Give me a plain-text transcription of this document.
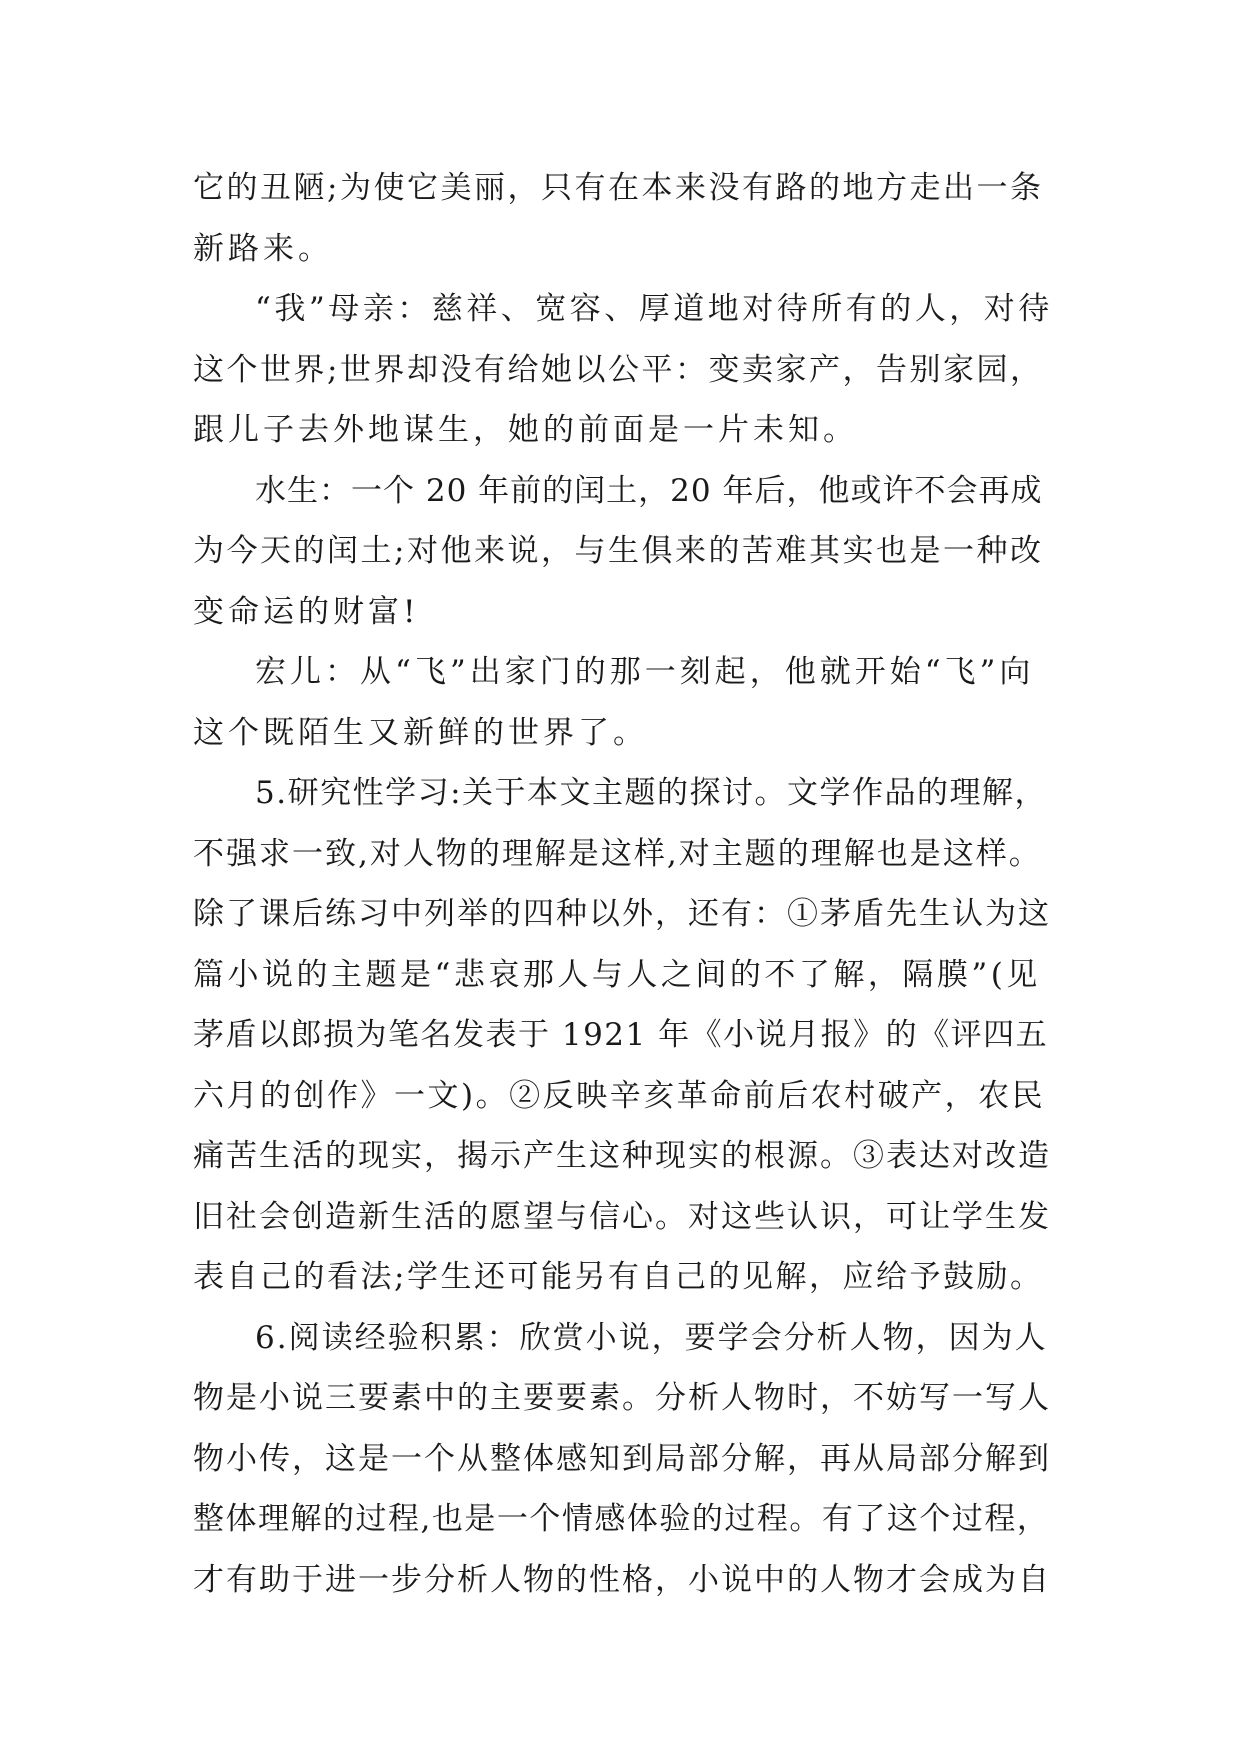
它的丑陋;为使它美丽，只有在本来没有路的地方走出一条
新路来。
“我”母亲：慈祥、宽容、厚道地对待所有的人，对待
这个世界;世界却没有给她以公平：变卖家产，告别家园，
跟儿子去外地谋生，她的前面是一片未知。
水生：一个 20 年前的闰土，20 年后，他或许不会再成
为今天的闰土;对他来说，与生俱来的苦难其实也是一种改
变命运的财富!
宏儿：从“飞”出家门的那一刻起，他就开始“飞”向
这个既陌生又新鲜的世界了。
5.研究性学习:关于本文主题的探讨。文学作品的理解，
不强求一致,对人物的理解是这样,对主题的理解也是这样。
除了课后练习中列举的四种以外，还有：①茅盾先生认为这
篇小说的主题是“悲哀那人与人之间的不了解，隔膜”(见
茅盾以郎损为笔名发表于 1921 年《小说月报》的《评四五
六月的创作》一文)。②反映辛亥革命前后农村破产，农民
痛苦生活的现实，揭示产生这种现实的根源。③表达对改造
旧社会创造新生活的愿望与信心。对这些认识，可让学生发
表自己的看法;学生还可能另有自己的见解，应给予鼓励。
6.阅读经验积累：欣赏小说，要学会分析人物，因为人
物是小说三要素中的主要要素。分析人物时，不妨写一写人
物小传，这是一个从整体感知到局部分解，再从局部分解到
整体理解的过程,也是一个情感体验的过程。有了这个过程，
才有助于进一步分析人物的性格，小说中的人物才会成为自
